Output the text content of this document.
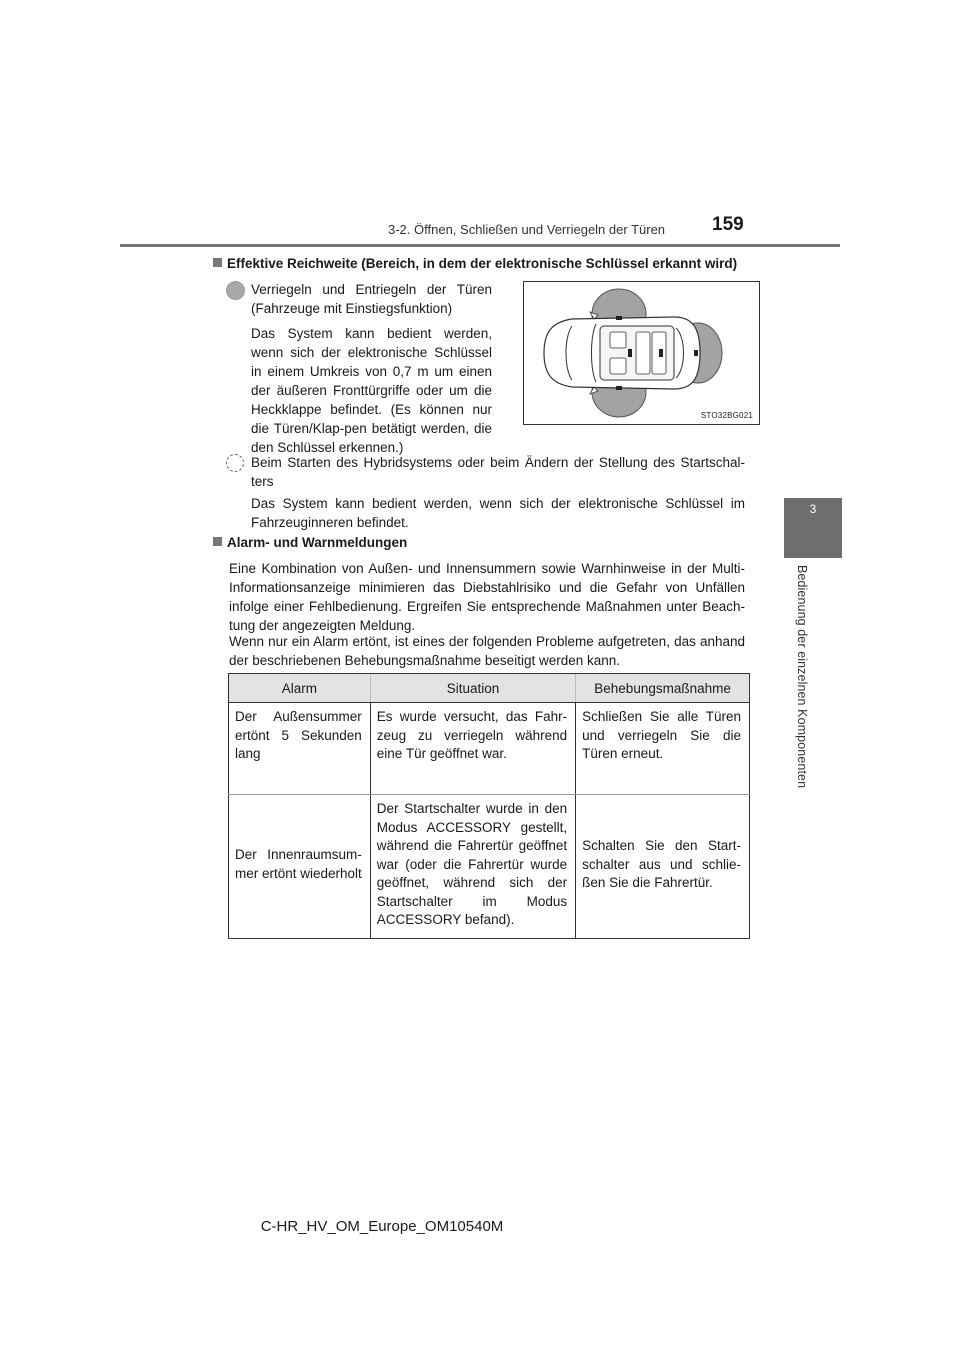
3-2. Öffnen, Schließen und Verriegeln der Türen 159
3
Bedienung der einzelnen Komponenten
Effektive Reichweite (Bereich, in dem der elektronische Schlüssel erkannt wird)
Verriegeln und Entriegeln der Türen (Fahrzeuge mit Einstiegsfunktion)
Das System kann bedient werden, wenn sich der elektronische Schlüssel in einem Umkreis von 0,7 m um einen der äußeren Fronttürgriffe oder um die Heckklappe befindet. (Es können nur die Türen/Klap-pen betätigt werden, die den Schlüssel erkennen.)
STO32BG021
Beim Starten des Hybridsystems oder beim Ändern der Stellung des Startschal-ters
Das System kann bedient werden, wenn sich der elektronische Schlüssel im Fahrzeuginneren befindet.
Alarm- und Warnmeldungen
Eine Kombination von Außen- und Innensummern sowie Warnhinweise in der Multi-Informationsanzeige minimieren das Diebstahlrisiko und die Gefahr von Unfällen infolge einer Fehlbedienung. Ergreifen Sie entsprechende Maßnahmen unter Beach-tung der angezeigten Meldung.
Wenn nur ein Alarm ertönt, ist eines der folgenden Probleme aufgetreten, das anhand der beschriebenen Behebungsmaßnahme beseitigt werden kann.
Alarm	Situation	Behebungsmaßnahme
Der Außensummer ertönt 5 Sekunden lang	Es wurde versucht, das Fahr-zeug zu verriegeln während eine Tür geöffnet war.	Schließen Sie alle Türen und verriegeln Sie die Türen erneut.
Der Innenraumsum-mer ertönt wiederholt	Der Startschalter wurde in den Modus ACCESSORY gestellt, während die Fahrertür geöffnet war (oder die Fahrertür wurde geöffnet, während sich der Startschalter im Modus ACCESSORY befand).	Schalten Sie den Start-schalter aus und schlie-ßen Sie die Fahrertür.
C-HR_HV_OM_Europe_OM10540M
